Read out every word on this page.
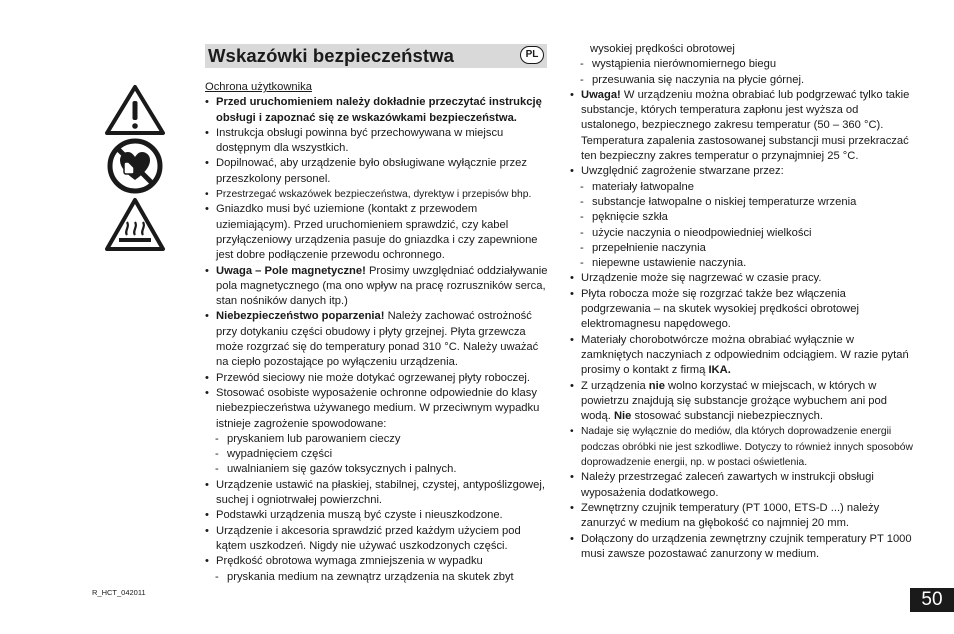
Wskazówki bezpieczeństwa	PL
Ochrona użytkownika
• Przed uruchomieniem należy dokładnie przeczytać instrukcję obsługi i zapoznać się ze wskazówkami bezpieczeństwa.
• Instrukcja obsługi powinna być przechowywana w miejscu dostępnym dla wszystkich.
• Dopilnować, aby urządzenie było obsługiwane wyłącznie przez przeszkolony personel.
• Przestrzegać wskazówek bezpieczeństwa, dyrektyw i przepisów bhp.
• Gniazdko musi być uziemione (kontakt z przewodem uziemiającym). Przed uruchomieniem sprawdzić, czy kabel przyłączeniowy urządzenia pasuje do gniazdka i czy zapewnione jest dobre podłączenie przewodu ochronnego.
• Uwaga – Pole magnetyczne! Prosimy uwzględniać oddziaływanie pola magnetycznego (ma ono wpływ na pracę rozruszników serca, stan nośników danych itp.)
• Niebezpieczeństwo poparzenia! Należy zachować ostrożność przy dotykaniu części obudowy i płyty grzejnej. Płyta grzewcza może rozgrzać się do temperatury ponad 310 °C. Należy uważać na ciepło pozostające po wyłączeniu urządzenia.
• Przewód sieciowy nie może dotykać ogrzewanej płyty roboczej.
• Stosować osobiste wyposażenie ochronne odpowiednie do klasy niebezpieczeństwa używanego medium. W przeciwnym wypadku istnieje zagrożenie spowodowane:
- pryskaniem lub parowaniem cieczy
- wypadnięciem części
- uwalnianiem się gazów toksycznych i palnych.
• Urządzenie ustawić na płaskiej, stabilnej, czystej, antypoślizgowej, suchej i ogniotrwałej powierzchni.
• Podstawki urządzenia muszą być czyste i nieuszkodzone.
• Urządzenie i akcesoria sprawdzić przed każdym użyciem pod kątem uszkodzeń. Nigdy nie używać uszkodzonych części.
• Prędkość obrotowa wymaga zmniejszenia w wypadku
- pryskania medium na zewnątrz urządzenia na skutek zbyt
wysokiej prędkości obrotowej
- wystąpienia nierównomiernego biegu
- przesuwania się naczynia na płycie górnej.
• Uwaga! W urządzeniu można obrabiać lub podgrzewać tylko takie substancje, których temperatura zapłonu jest wyższa od ustalonego, bezpiecznego zakresu temperatur (50 – 360 °C). Temperatura zapalenia zastosowanej substancji musi przekraczać ten bezpieczny zakres temperatur o przynajmniej 25 °C.
• Uwzględnić zagrożenie stwarzane przez:
- materiały łatwopalne
- substancje łatwopalne o niskiej temperaturze wrzenia
- pęknięcie szkła
- użycie naczynia o nieodpowiedniej wielkości
- przepełnienie naczynia
- niepewne ustawienie naczynia.
• Urządzenie może się nagrzewać w czasie pracy.
• Płyta robocza może się rozgrzać także bez włączenia podgrzewania – na skutek wysokiej prędkości obrotowej elektromagnesu napędowego.
• Materiały chorobotwórcze można obrabiać wyłącznie w zamkniętych naczyniach z odpowiednim odciągiem. W razie pytań prosimy o kontakt z firmą IKA.
• Z urządzenia nie wolno korzystać w miejscach, w których w powietrzu znajdują się substancje grożące wybuchem ani pod wodą. Nie stosować substancji niebezpiecznych.
• Nadaje się wyłącznie do mediów, dla których doprowadzenie energii podczas obróbki nie jest szkodliwe. Dotyczy to również innych sposobów doprowadzenie energii, np. w postaci oświetlenia.
• Należy przestrzegać zaleceń zawartych w instrukcji obsługi wyposażenia dodatkowego.
• Zewnętrzny czujnik temperatury (PT 1000, ETS-D ...) należy zanurzyć w medium na głębokość co najmniej 20 mm.
• Dołączony do urządzenia zewnętrzny czujnik temperatury PT 1000 musi zawsze pozostawać zanurzony w medium.
R_HCT_042011	50
